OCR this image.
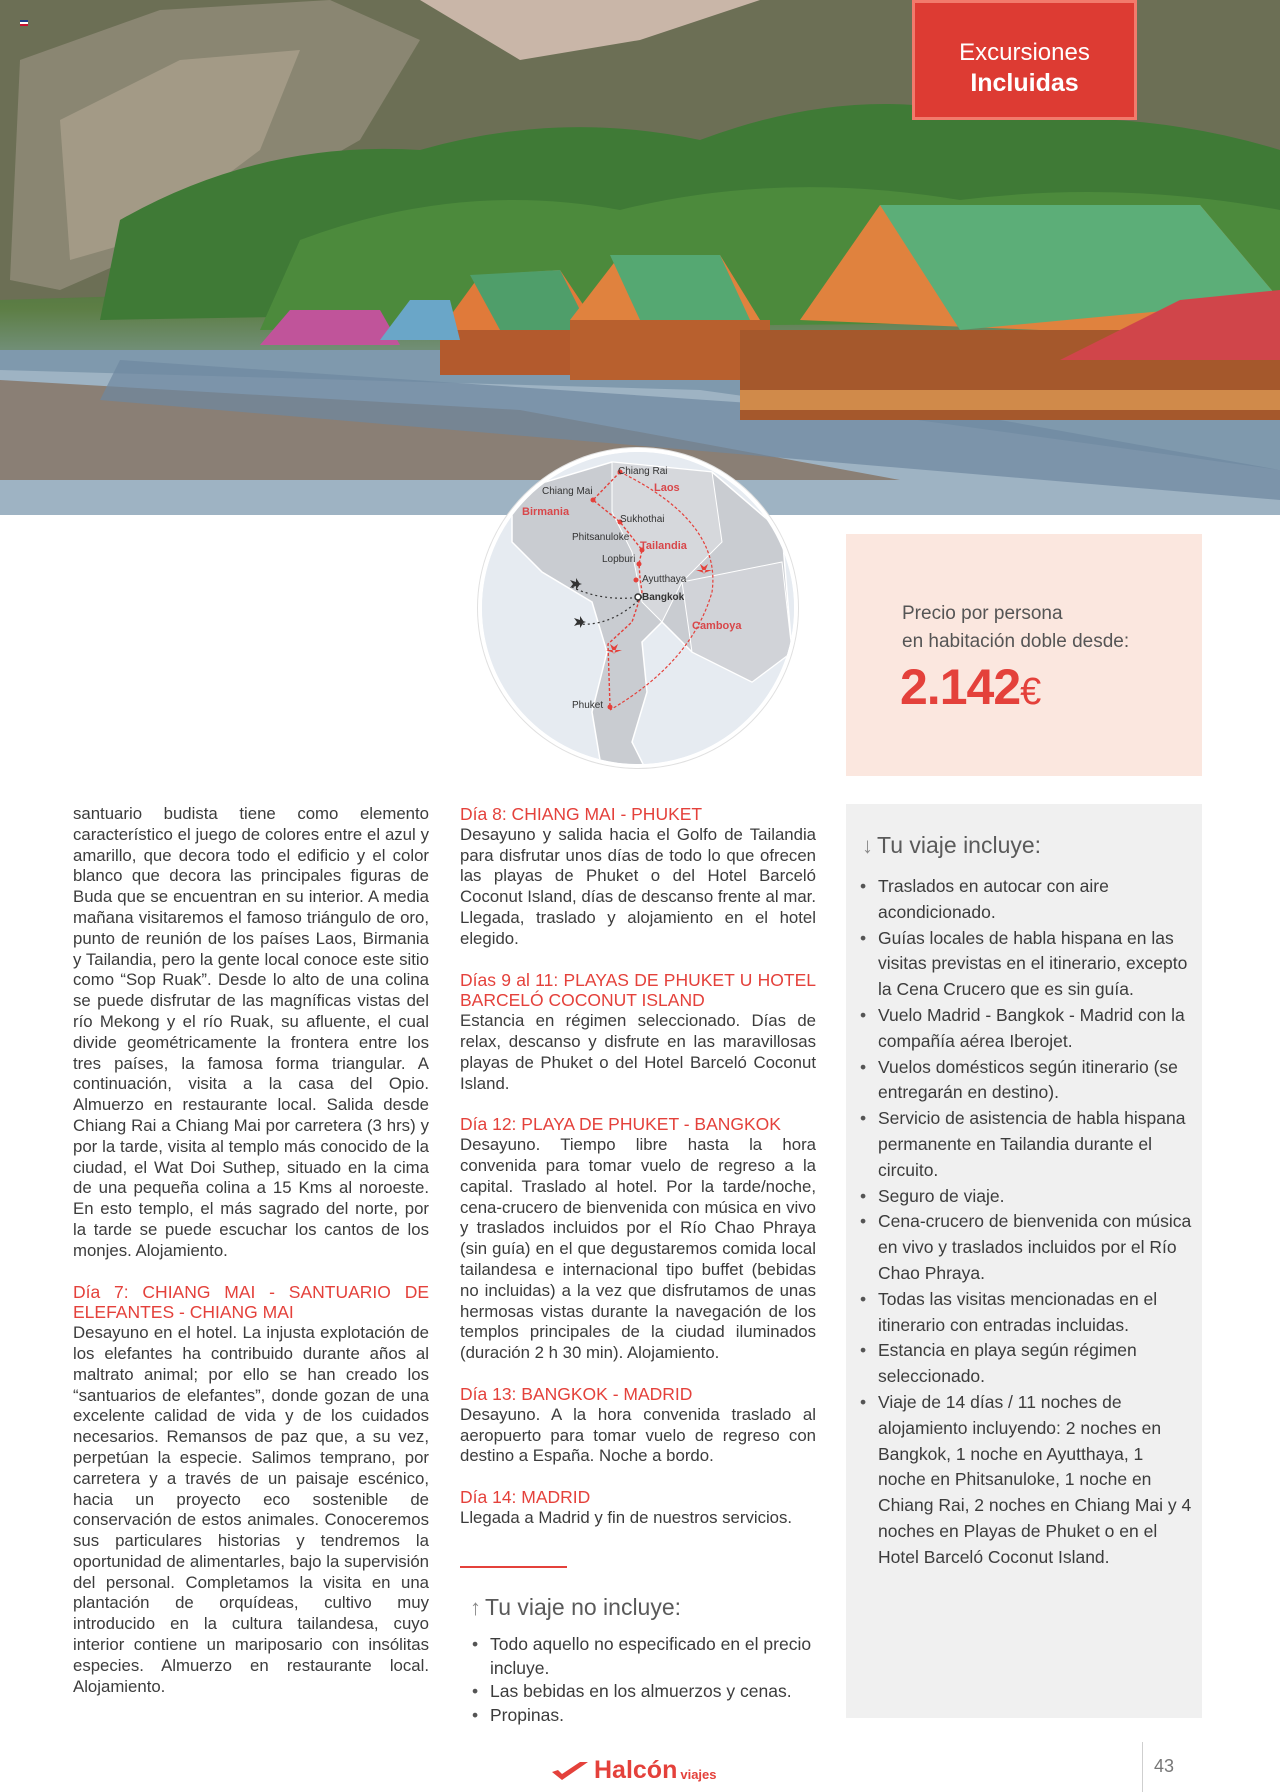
Excursiones
Incluidas
Chiang Rai
Chiang Mai
Sukhothai
Phitsanuloke
Lopburi
Ayutthaya
Bangkok
Phuket
Laos
Birmania
Tailandia
Camboya
Precio por persona
en habitación doble desde:
2.142€

santuario budista tiene como elemento característico el juego de colores entre el azul y amarillo, que decora todo el edificio y el color blanco que decora las principales figuras de Buda que se encuentran en su interior. A media mañana visitaremos el famoso triángulo de oro, punto de reunión de los países Laos, Birmania y Tailandia, pero la gente local conoce este sitio como “Sop Ruak”. Desde lo alto de una colina se puede disfrutar de las magníficas vistas del río Mekong y el río Ruak, su afluente, el cual divide geométricamente la frontera entre los tres países, la famosa forma triangular. A continuación, visita a la casa del Opio. Almuerzo en restaurante local. Salida desde Chiang Rai a Chiang Mai por carretera (3 hrs) y por la tarde, visita al templo más conocido de la ciudad, el Wat Doi Suthep, situado en la cima de una pequeña colina a 15 Kms al noroeste. En esto templo, el más sagrado del norte, por la tarde se puede escuchar los cantos de los monjes. Alojamiento.

Día 7: CHIANG MAI - SANTUARIO DE ELEFANTES - CHIANG MAI

Desayuno en el hotel. La injusta explotación de los elefantes ha contribuido durante años al maltrato animal; por ello se han creado los “santuarios de elefantes”, donde gozan de una excelente calidad de vida y de los cuidados necesarios. Remansos de paz que, a su vez, perpetúan la especie. Salimos temprano, por carretera y a través de un paisaje escénico, hacia un proyecto eco sostenible de conservación de estos animales. Conoceremos sus particulares historias y tendremos la oportunidad de alimentarles, bajo la supervisión del personal. Completamos la visita en una plantación de orquídeas, cultivo muy introducido en la cultura tailandesa, cuyo interior contiene un mariposario con insólitas especies. Almuerzo en restaurante local. Alojamiento.

Día 8: CHIANG MAI - PHUKET

Desayuno y salida hacia el Golfo de Tailandia para disfrutar unos días de todo lo que ofrecen las playas de Phuket o del Hotel Barceló Coconut Island, días de descanso frente al mar. Llegada, traslado y alojamiento en el hotel elegido.

Días 9 al 11: PLAYAS DE PHUKET U HOTEL BARCELÓ COCONUT ISLAND

Estancia en régimen seleccionado. Días de relax, descanso y disfrute en las maravillosas playas de Phuket o del Hotel Barceló Coconut Island.

Día 12: PLAYA DE PHUKET - BANGKOK

Desayuno. Tiempo libre hasta la hora convenida para tomar vuelo de regreso a la capital. Traslado al hotel. Por la tarde/noche, cena-crucero de bienvenida con música en vivo y traslados incluidos por el Río Chao Phraya (sin guía) en el que degustaremos comida local tailandesa e internacional tipo buffet (bebidas no incluidas) a la vez que disfrutamos de unas hermosas vistas durante la navegación de los templos principales de la ciudad iluminados (duración 2 h 30 min). Alojamiento.

Día 13: BANGKOK - MADRID

Desayuno. A la hora convenida traslado al aeropuerto para tomar vuelo de regreso con destino a España. Noche a bordo.

Día 14: MADRID

Llegada a Madrid y fin de nuestros servicios.

↑ Tu viaje no incluye:
• Todo aquello no especificado en el precio incluye.
• Las bebidas en los almuerzos y cenas.
• Propinas.
↓ Tu viaje incluye:
• Traslados en autocar con aire acondicionado.
• Guías locales de habla hispana en las visitas previstas en el itinerario, excepto la Cena Crucero que es sin guía.
• Vuelo Madrid - Bangkok - Madrid con la compañía aérea Iberojet.
• Vuelos domésticos según itinerario (se entregarán en destino).
• Servicio de asistencia de habla hispana permanente en Tailandia durante el circuito.
• Seguro de viaje.
• Cena-crucero de bienvenida con música en vivo y traslados incluidos por el Río Chao Phraya.
• Todas las visitas mencionadas en el itinerario con entradas incluidas.
• Estancia en playa según régimen seleccionado.
• Viaje de 14 días / 11 noches de alojamiento incluyendo: 2 noches en Bangkok, 1 noche en Ayutthaya, 1 noche en Phitsanuloke, 1 noche en Chiang Rai, 2 noches en Chiang Mai y 4 noches en Playas de Phuket o en el Hotel Barceló Coconut Island.
Halcón viajes	43
